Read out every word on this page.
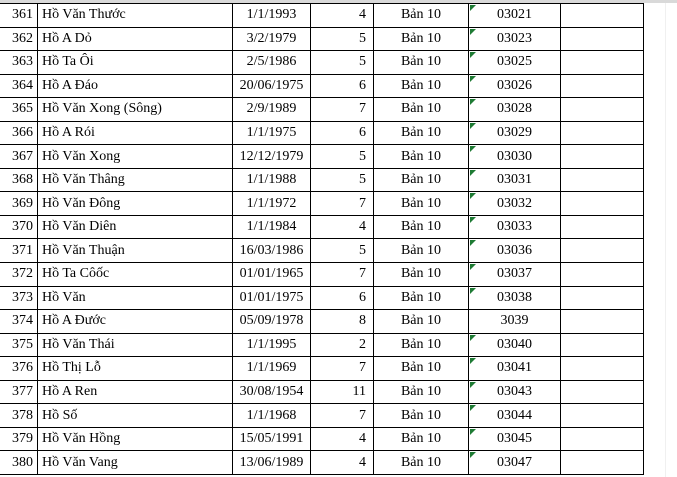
361	Hồ Văn Thước	1/1/1993	4	Bản 10	03021

362	Hồ A Dỏ	3/2/1979	5	Bản 10	03023

363	Hồ Ta Ôi	2/5/1986	5	Bản 10	03025

364	Hồ A Đáo	20/06/1975	6	Bản 10	03026

365	Hồ Văn Xong (Sông)	2/9/1989	7	Bản 10	03028

366	Hồ A Rói	1/1/1975	6	Bản 10	03029

367	Hồ Văn Xong	12/12/1979	5	Bản 10	03030

368	Hồ Văn Thâng	1/1/1988	5	Bản 10	03031

369	Hồ Văn Đông	1/1/1972	7	Bản 10	03032

370	Hồ Văn Diên	1/1/1984	4	Bản 10	03033

371	Hồ Văn Thuận	16/03/1986	5	Bản 10	03036

372	Hồ Ta Côốc	01/01/1965	7	Bản 10	03037

373	Hồ Văn	01/01/1975	6	Bản 10	03038

374	Hồ A Đước	05/09/1978	8	Bản 10	3039	
375	Hồ Văn Thái	1/1/1995	2	Bản 10	03040

376	Hồ Thị Lỗ	1/1/1969	7	Bản 10	03041

377	Hồ A Ren	30/08/1954	11	Bản 10	03043

378	Hồ Số	1/1/1968	7	Bản 10	03044

379	Hồ Văn Hồng	15/05/1991	4	Bản 10	03045

380	Hồ Văn Vang	13/06/1989	4	Bản 10	03047
